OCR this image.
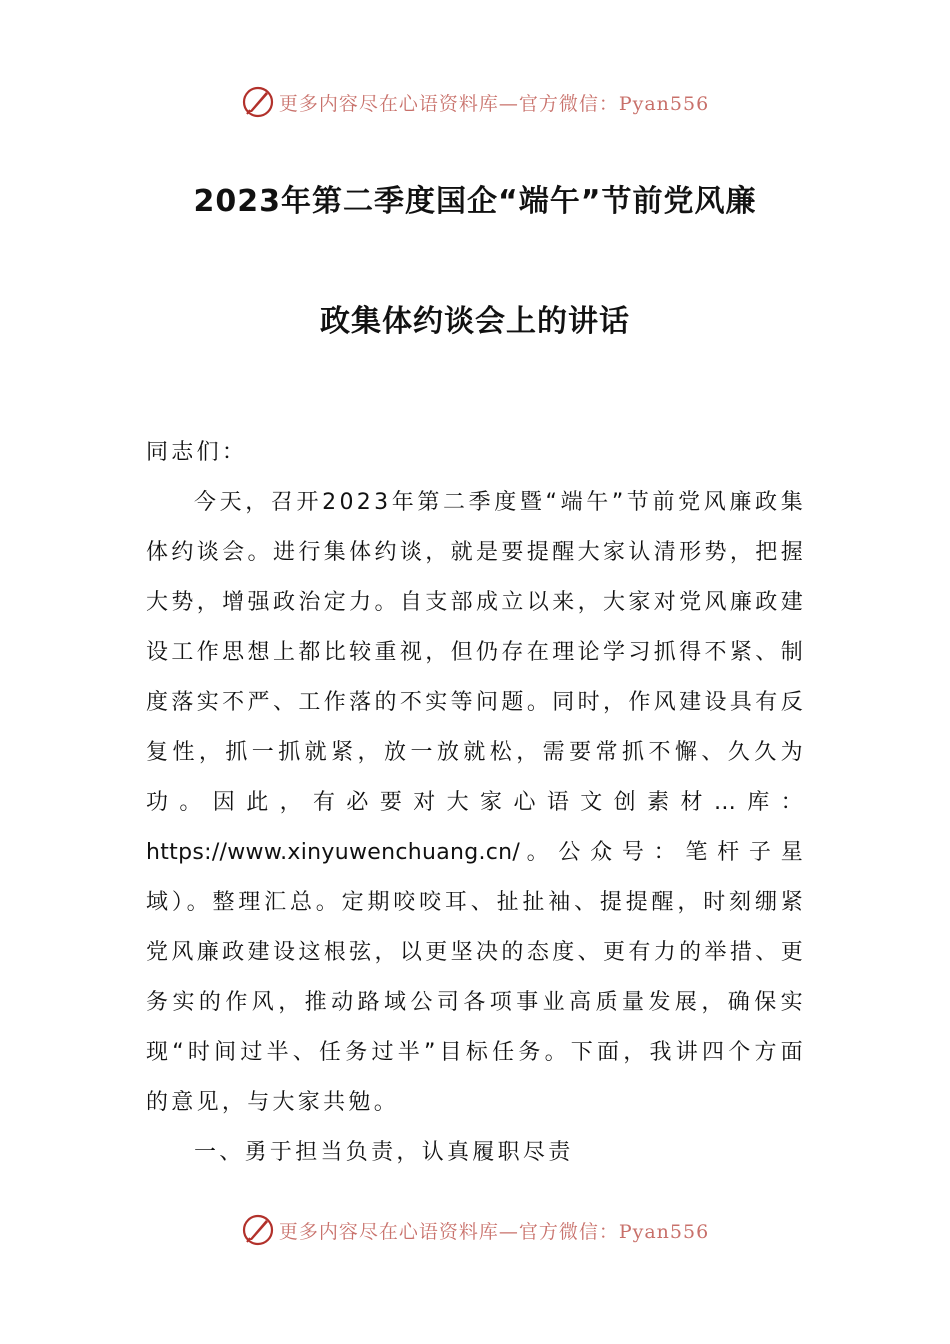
更多内容尽在心语资料库—官方微信：Pyan556
2023年第二季度国企“端午”节前党风廉
政集体约谈会上的讲话

同志们：

今天，召开2023年第二季度暨“端午”节前党风廉政集体约谈会。进行集体约谈，就是要提醒大家认清形势，把握大势，增强政治定力。自支部成立以来，大家对党风廉政建设工作思想上都比较重视，但仍存在理论学习抓得不紧、制度落实不严、工作落的不实等问题。同时，作风建设具有反复性，抓一抓就紧，放一放就松，需要常抓不懈、久久为功。因此，有必要对大家心语文创素材…库：https://www.xinyuwenchuang.cn/。公众号：笔杆子星域）。整理汇总。定期咬咬耳、扯扯袖、提提醒，时刻绷紧党风廉政建设这根弦，以更坚决的态度、更有力的举措、更务实的作风，推动路域公司各项事业高质量发展，确保实现“时间过半、任务过半”目标任务。下面，我讲四个方面的意见，与大家共勉。

一、勇于担当负责，认真履职尽责

更多内容尽在心语资料库—官方微信：Pyan556
